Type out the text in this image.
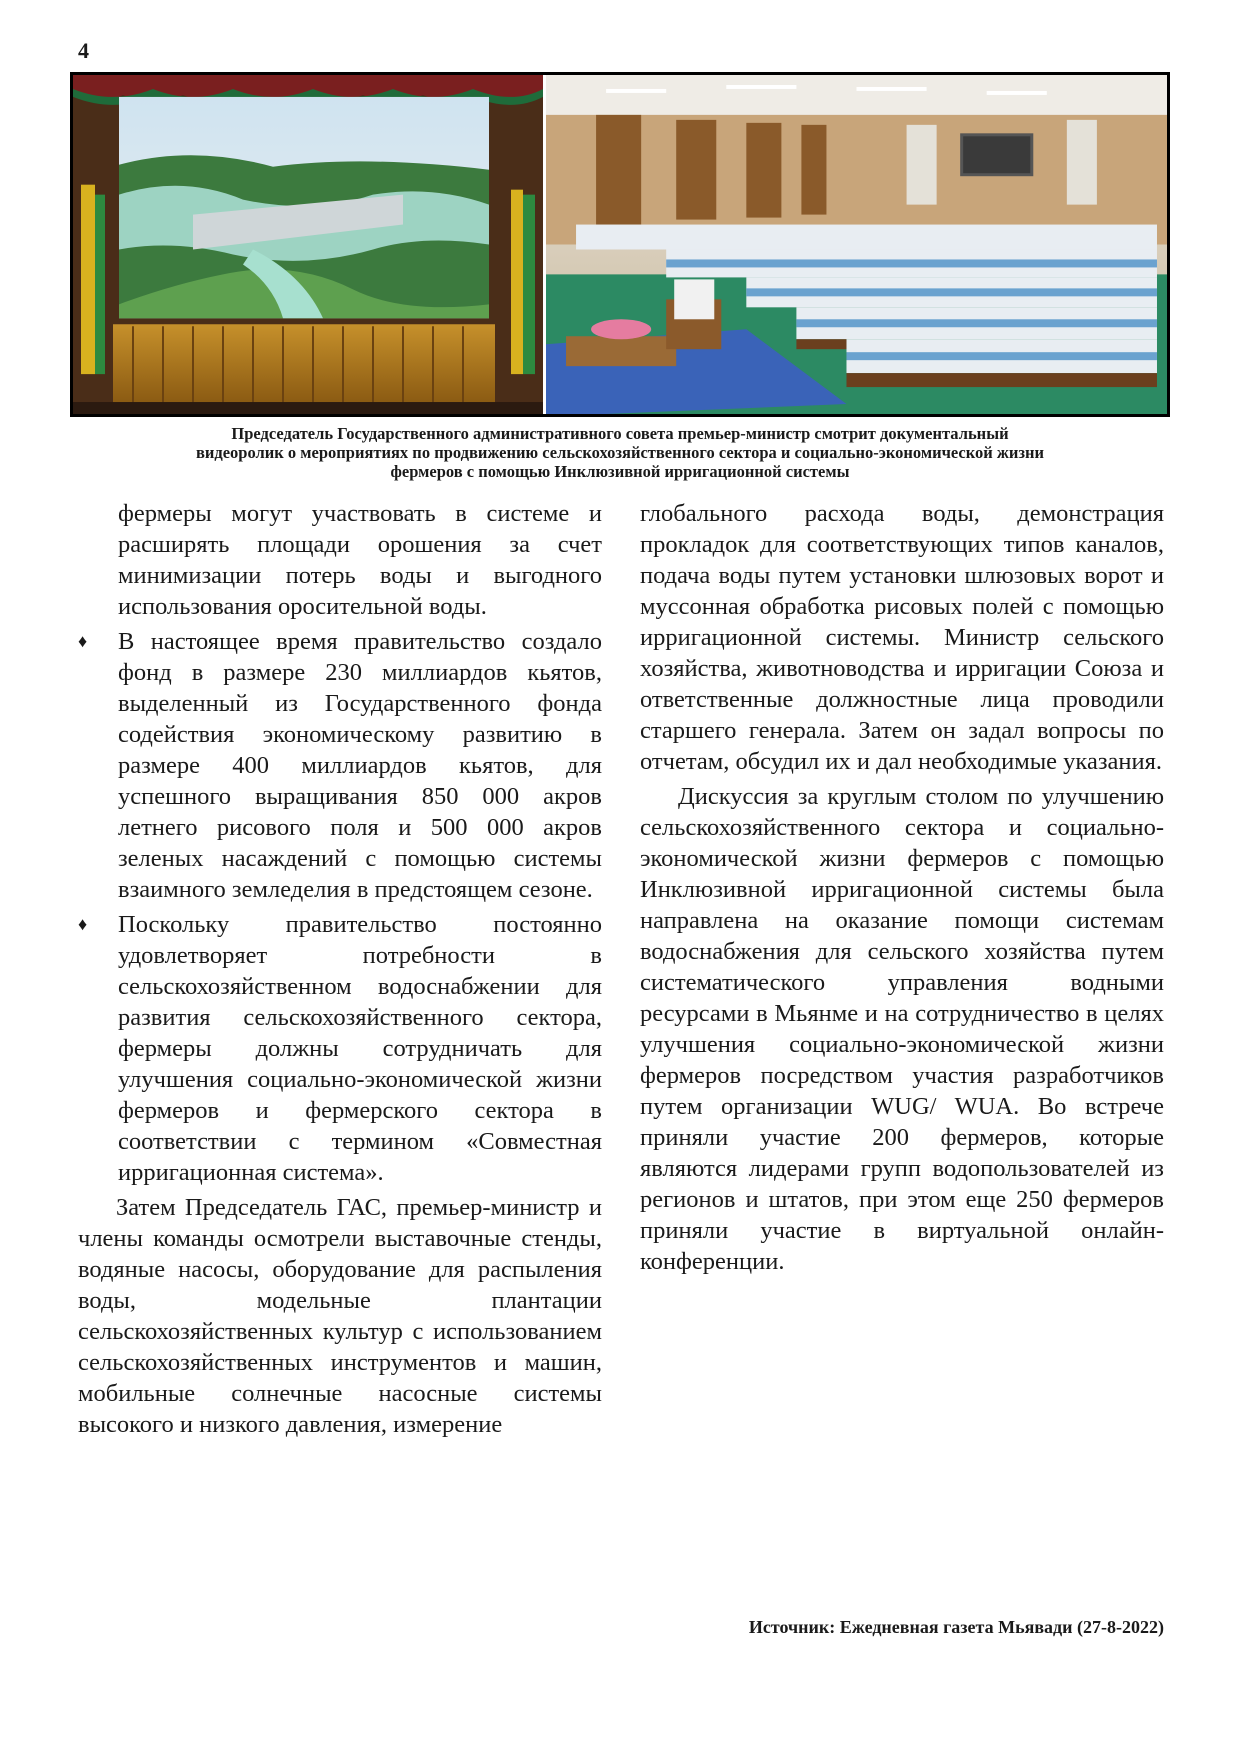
4
Председатель Государственного административного совета премьер-министр смотрит документальный
видеоролик о мероприятиях по продвижению сельскохозяйственного сектора и социально-экономической жизни
фермеров с помощью Инклюзивной ирригационной системы

фермеры могут участвовать в системе и расширять площади орошения за счет минимизации потерь воды и выгодного использования оросительной воды.

♦ В настоящее время правительство создало фонд в размере 230 миллиардов кьятов, выделенный из Государственного фонда содействия экономическому развитию в размере 400 миллиардов кьятов, для успешного выращивания 850 000 акров летнего рисового поля и 500 000 акров зеленых насаждений с помощью системы взаимного земледелия в предстоящем сезоне.

♦ Поскольку правительство постоянно удовлетворяет потребности в сельскохозяйственном водоснабжении для развития сельскохозяйственного сектора, фермеры должны сотрудничать для улучшения социально-экономической жизни фермеров и фермерского сектора в соответствии с термином «Совместная ирригационная система».

Затем Председатель ГАС, премьер-министр и члены команды осмотрели выставочные стенды, водяные насосы, оборудование для распыления воды, модельные плантации сельскохозяйственных культур с использованием сельскохозяйственных инструментов и машин, мобильные солнечные насосные системы высокого и низкого давления, измерение

глобального расхода воды, демонстрация прокладок для соответствующих типов каналов, подача воды путем установки шлюзовых ворот и муссонная обработка рисовых полей с помощью ирригационной системы. Министр сельского хозяйства, животноводства и ирригации Союза и ответственные должностные лица проводили старшего генерала. Затем он задал вопросы по отчетам, обсудил их и дал необходимые указания.

Дискуссия за круглым столом по улучшению сельскохозяйственного сектора и социально-экономической жизни фермеров с помощью Инклюзивной ирригационной системы была направлена на оказание помощи системам водоснабжения для сельского хозяйства путем систематического управления водными ресурсами в Мьянме и на сотрудничество в целях улучшения социально-экономической жизни фермеров посредством участия разработчиков путем организации WUG/ WUA. Во встрече приняли участие 200 фермеров, которые являются лидерами групп водопользователей из регионов и штатов, при этом еще 250 фермеров приняли участие в виртуальной онлайн-конференции.

Источник: Ежедневная газета Мьявади (27-8-2022)
